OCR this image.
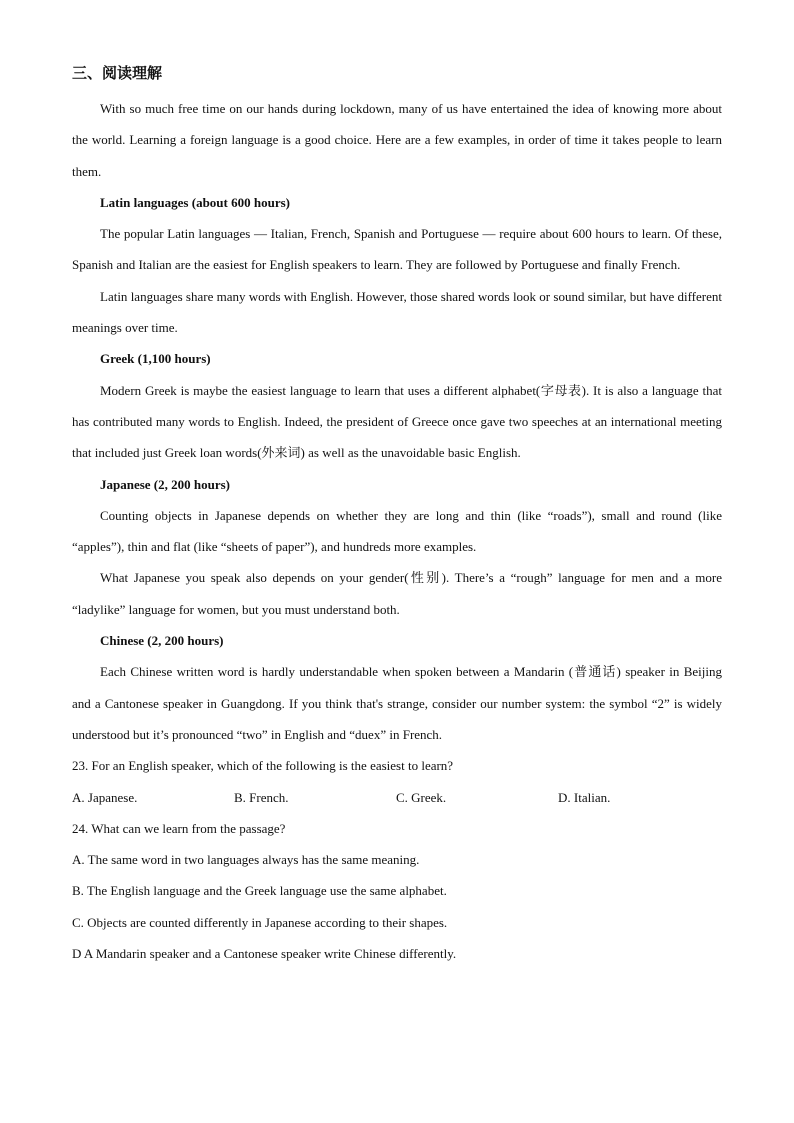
三、阅读理解

With so much free time on our hands during lockdown, many of us have entertained the idea of knowing more about the world. Learning a foreign language is a good choice. Here are a few examples, in order of time it takes people to learn them.

Latin languages (about 600 hours)

The popular Latin languages — Italian, French, Spanish and Portuguese — require about 600 hours to learn. Of these, Spanish and Italian are the easiest for English speakers to learn. They are followed by Portuguese and finally French.

Latin languages share many words with English. However, those shared words look or sound similar, but have different meanings over time.

Greek (1,100 hours)

Modern Greek is maybe the easiest language to learn that uses a different alphabet(字母表). It is also a language that has contributed many words to English. Indeed, the president of Greece once gave two speeches at an international meeting that included just Greek loan words(外来词) as well as the unavoidable basic English.

Japanese (2, 200 hours)

Counting objects in Japanese depends on whether they are long and thin (like “roads”), small and round (like “apples”), thin and flat (like “sheets of paper”), and hundreds more examples.

What Japanese you speak also depends on your gender(性别). There’s a “rough” language for men and a more “ladylike” language for women, but you must understand both.

Chinese (2, 200 hours)

Each Chinese written word is hardly understandable when spoken between a Mandarin (普通话) speaker in Beijing and a Cantonese speaker in Guangdong. If you think that's strange, consider our number system: the symbol “2” is widely understood but it’s pronounced “two” in English and “duex” in French.

23. For an English speaker, which of the following is the easiest to learn?

A. Japanese.	B. French.	C. Greek.	D. Italian.

24. What can we learn from the passage?

A. The same word in two languages always has the same meaning.

B. The English language and the Greek language use the same alphabet.

C. Objects are counted differently in Japanese according to their shapes.

D A Mandarin speaker and a Cantonese speaker write Chinese differently.
